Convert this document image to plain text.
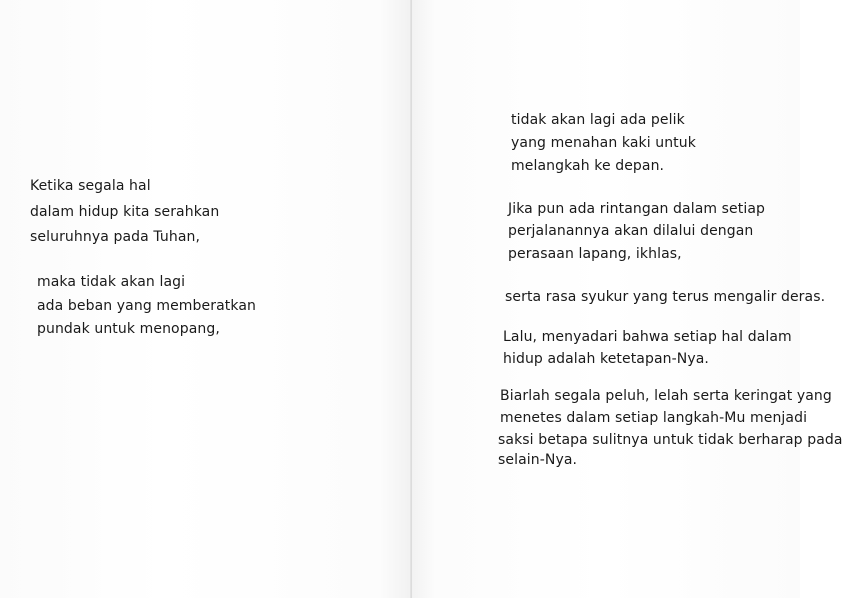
Ketika segala hal

dalam hidup kita serahkan

seluruhnya pada Tuhan,

maka tidak akan lagi

ada beban yang memberatkan

pundak untuk menopang,

tidak akan lagi ada pelik

yang menahan kaki untuk

melangkah ke depan.

Jika pun ada rintangan dalam setiap

perjalanannya akan dilalui dengan

perasaan lapang, ikhlas,

serta rasa syukur yang terus mengalir deras.

Lalu, menyadari bahwa setiap hal dalam

hidup adalah ketetapan-Nya.

Biarlah segala peluh, lelah serta keringat yang

menetes dalam setiap langkah-Mu menjadi

saksi betapa sulitnya untuk tidak berharap pada

selain-Nya.
